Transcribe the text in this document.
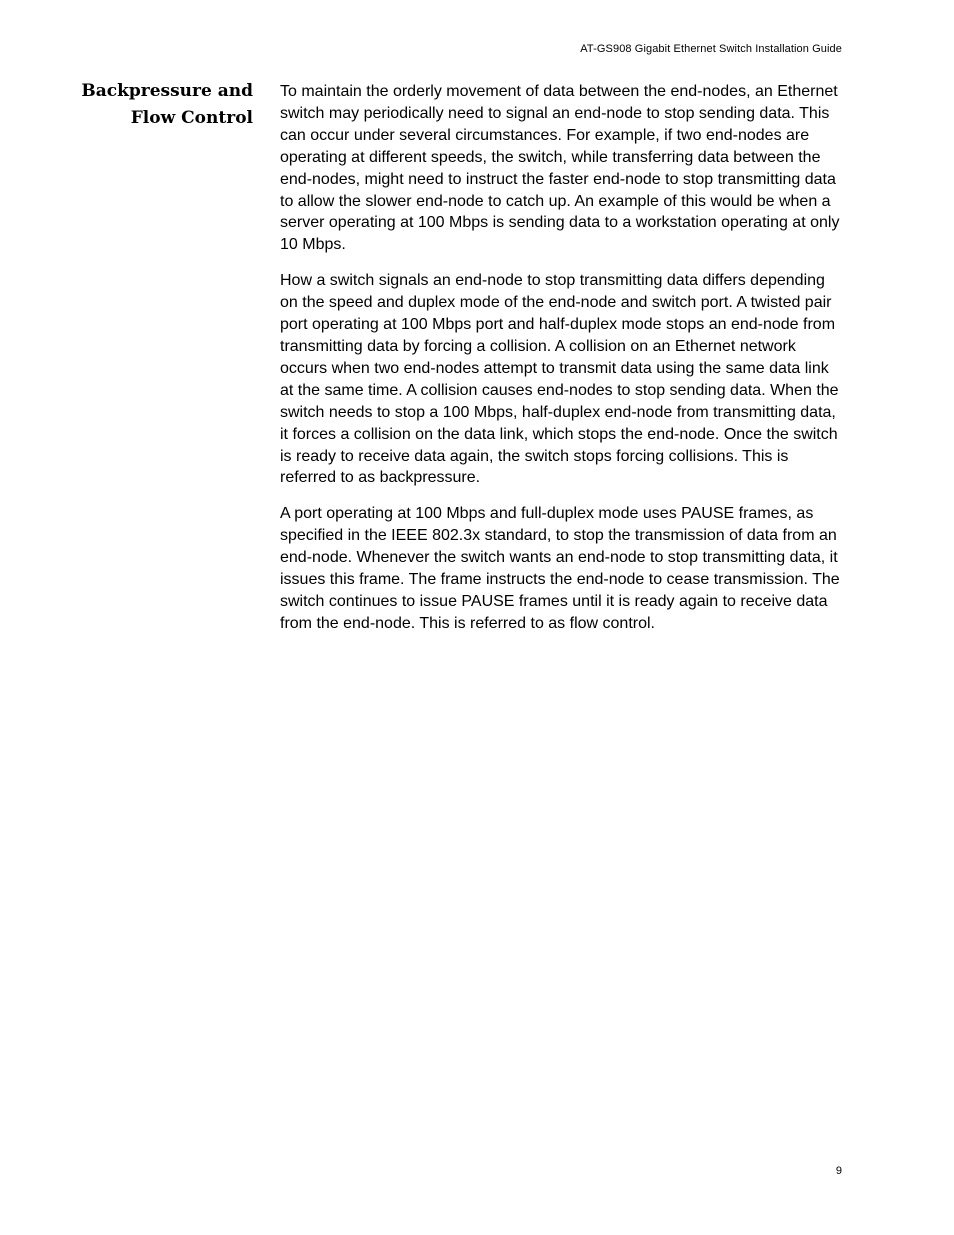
AT-GS908 Gigabit Ethernet Switch Installation Guide
Backpressure and
Flow Control

To maintain the orderly movement of data between the end-nodes, an Ethernet switch may periodically need to signal an end-node to stop sending data. This can occur under several circumstances. For example, if two end-nodes are operating at different speeds, the switch, while transferring data between the end-nodes, might need to instruct the faster end-node to stop transmitting data to allow the slower end-node to catch up. An example of this would be when a server operating at 100 Mbps is sending data to a workstation operating at only 10 Mbps.

How a switch signals an end-node to stop transmitting data differs depending on the speed and duplex mode of the end-node and switch port. A twisted pair port operating at 100 Mbps port and half-duplex mode stops an end-node from transmitting data by forcing a collision. A collision on an Ethernet network occurs when two end-nodes attempt to transmit data using the same data link at the same time. A collision causes end-nodes to stop sending data. When the switch needs to stop a 100 Mbps, half-duplex end-node from transmitting data, it forces a collision on the data link, which stops the end-node. Once the switch is ready to receive data again, the switch stops forcing collisions. This is referred to as backpressure.

A port operating at 100 Mbps and full-duplex mode uses PAUSE frames, as specified in the IEEE 802.3x standard, to stop the transmission of data from an end-node. Whenever the switch wants an end-node to stop transmitting data, it issues this frame. The frame instructs the end-node to cease transmission. The switch continues to issue PAUSE frames until it is ready again to receive data from the end-node. This is referred to as flow control.

9
